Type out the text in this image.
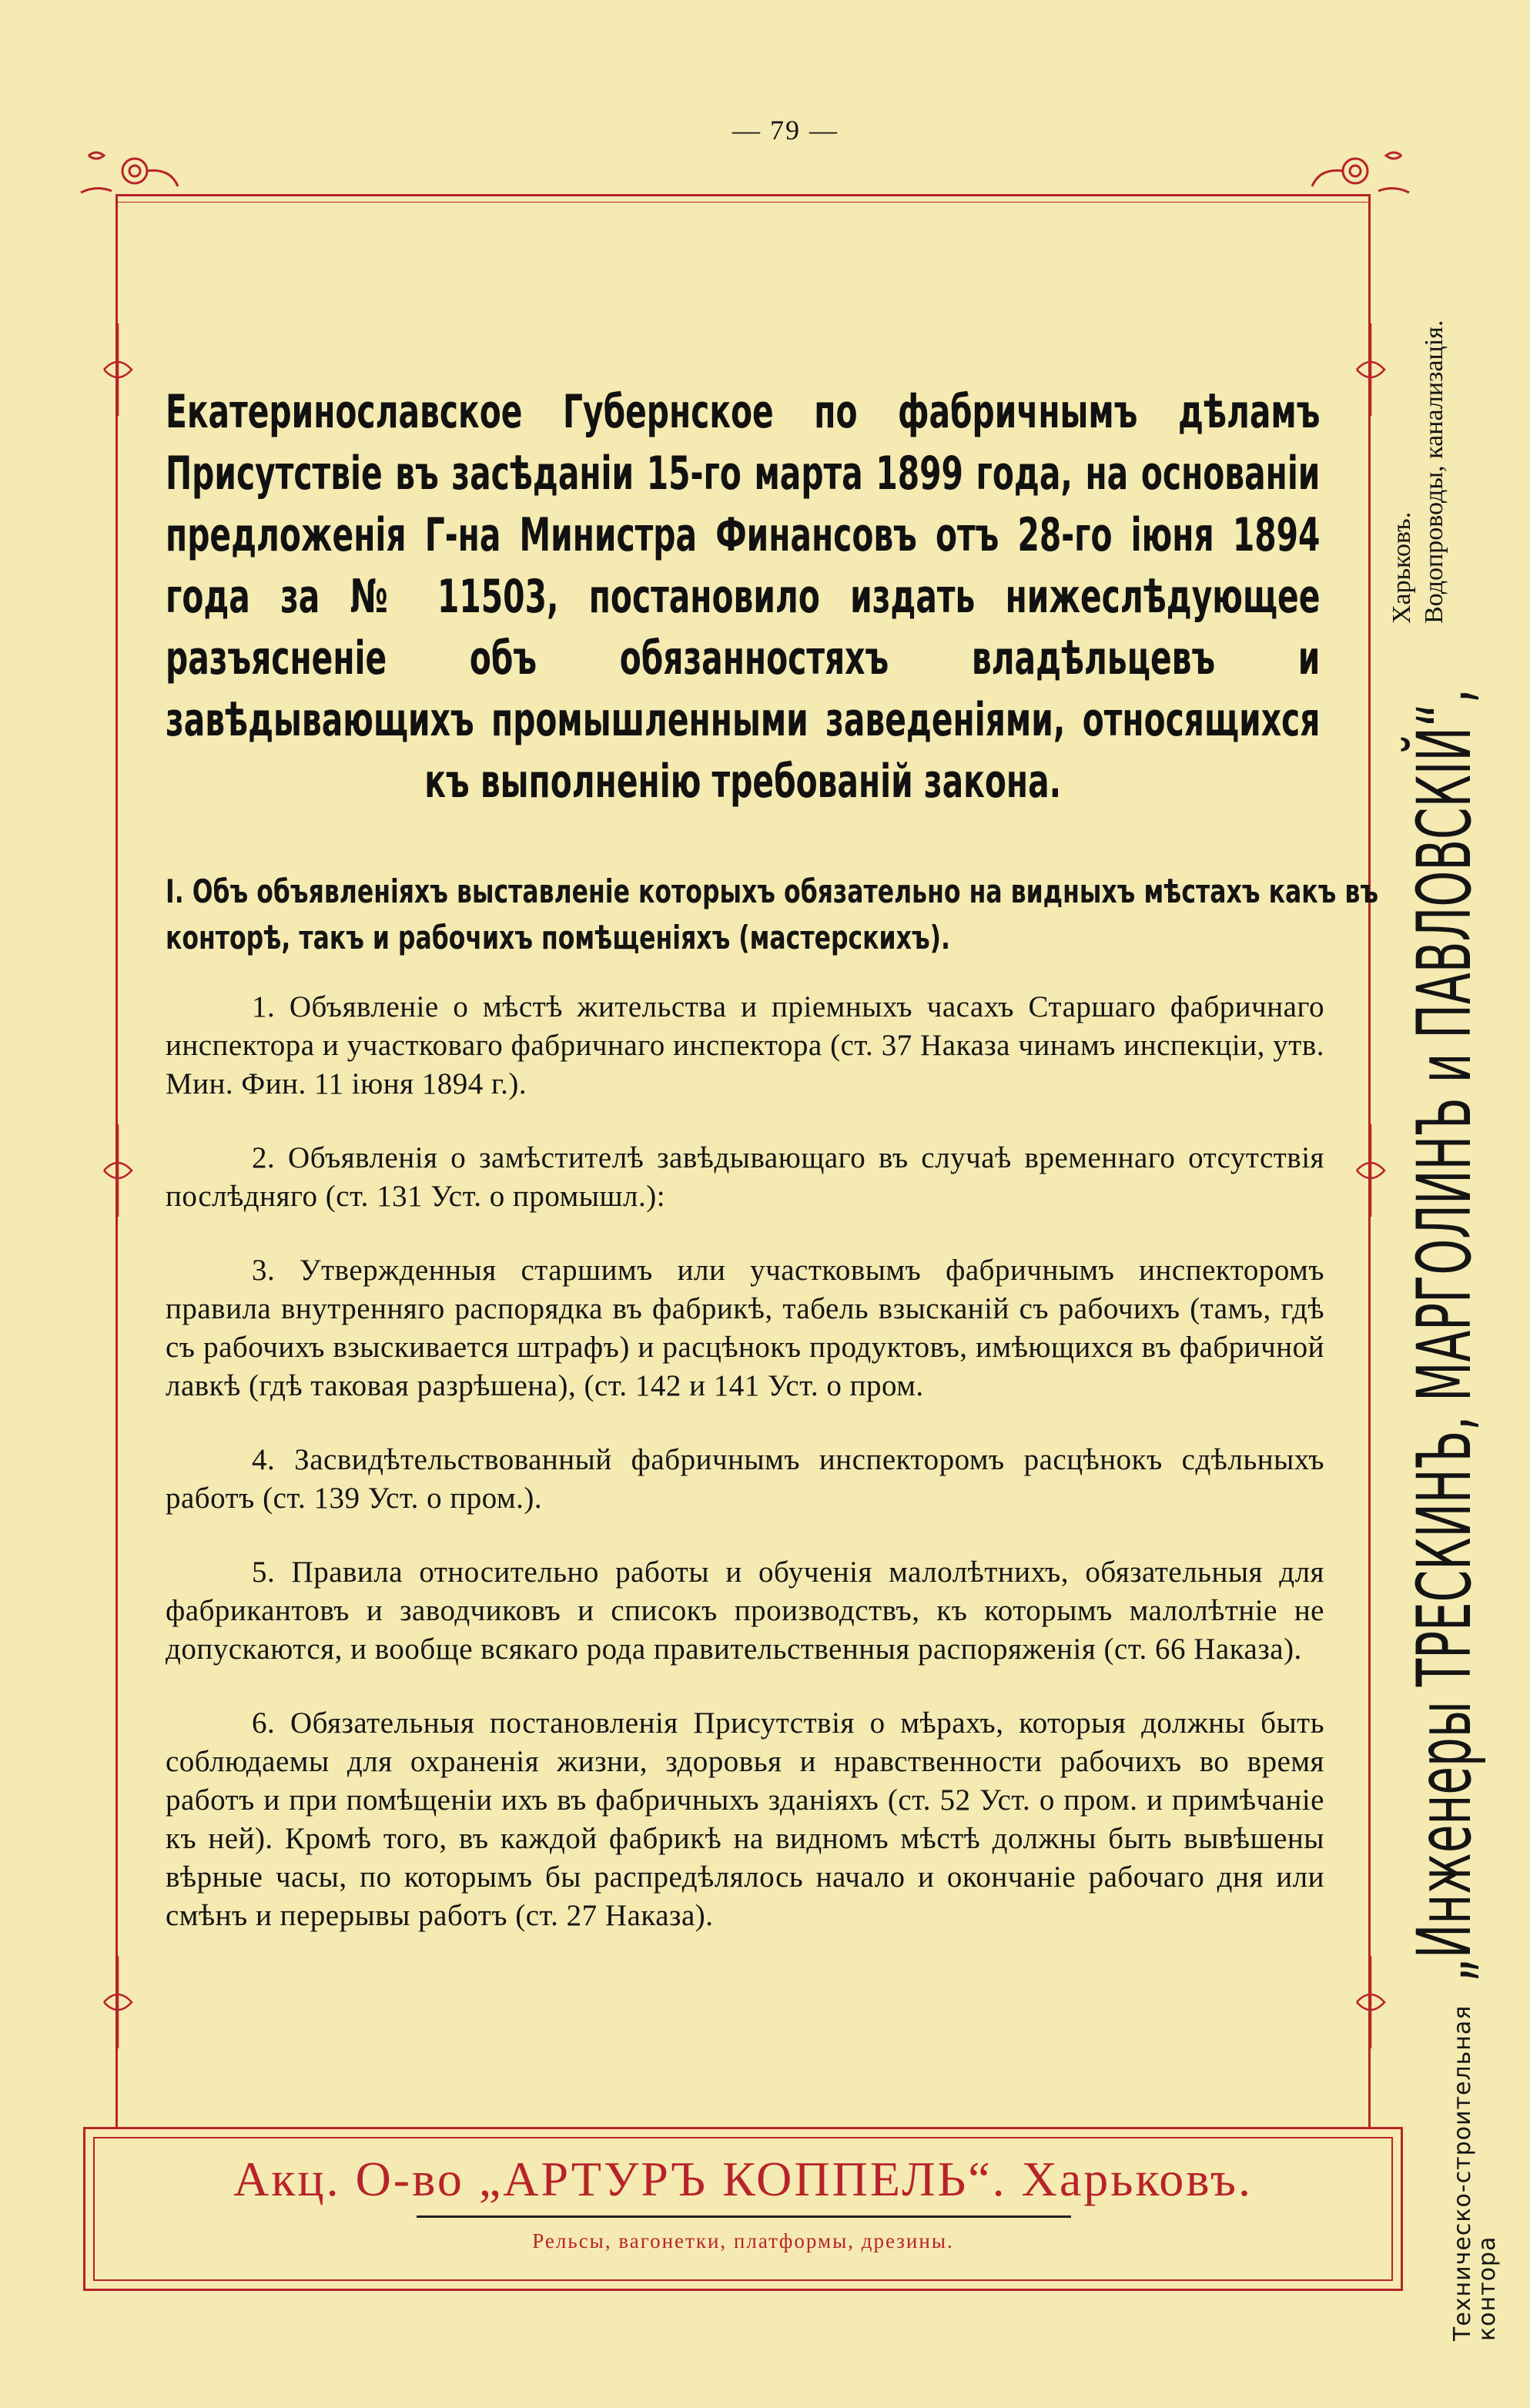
— 79 —
Екатеринославское Губернское по фабричнымъ дѣламъ Присутствіе въ засѣданіи 15-го марта 1899 года, на основаніи предложенія Г-на Министра Финансовъ отъ 28-го іюня 1894 года за № 11503, постановило издать нижеслѣдующее разъясненіе объ обязанностяхъ владѣльцевъ и завѣдывающихъ промышленными заведеніями, относящихся къ выполненію требованій закона.
I. Объ объявленіяхъ выставленіе которыхъ обязательно на видныхъ мѣстахъ какъ въ конторѣ, такъ и рабочихъ помѣщеніяхъ (мастерскихъ).

1. Объявленіе о мѣстѣ жительства и пріемныхъ часахъ Старшаго фабричнаго инспектора и участковаго фабричнаго инспектора (ст. 37 Наказа чинамъ инспекціи, утв. Мин. Фин. 11 іюня 1894 г.).

2. Объявленія о замѣстителѣ завѣдывающаго въ случаѣ временнаго отсутствія послѣдняго (ст. 131 Уст. о промышл.):

3. Утвержденныя старшимъ или участковымъ фабричнымъ инспекторомъ правила внутренняго распорядка въ фабрикѣ, табель взысканій съ рабочихъ (тамъ, гдѣ съ рабочихъ взыскивается штрафъ) и расцѣнокъ продуктовъ, имѣющихся въ фабричной лавкѣ (гдѣ таковая разрѣшена), (ст. 142 и 141 Уст. о пром.

4. Засвидѣтельствованный фабричнымъ инспекторомъ расцѣнокъ сдѣльныхъ работъ (ст. 139 Уст. о пром.).

5. Правила относительно работы и обученія малолѣтнихъ, обязательныя для фабрикантовъ и заводчиковъ и списокъ производствъ, къ которымъ малолѣтніе не допускаются, и вообще всякаго рода правительственныя распоряженія (ст. 66 Наказа).

6. Обязательныя постановленія Присутствія о мѣрахъ, которыя должны быть соблюдаемы для охраненія жизни, здоровья и нравственности рабочихъ во время работъ и при помѣщеніи ихъ въ фабричныхъ зданіяхъ (ст. 52 Уст. о пром. и примѣчаніе къ ней). Кромѣ того, въ каждой фабрикѣ на видномъ мѣстѣ должны быть вывѣшены вѣрные часы, по которымъ бы распредѣлялось начало и окончаніе рабочаго дня или смѣнъ и перерывы работъ (ст. 27 Наказа).

Техническо-строительная
контора
„Инженеры ТРЕСКИНЪ, МАРГОЛИНЪ и ПАВЛОВСКІЙ“,
Харьковъ. Водопроводы, канализація.
Акц. О-во „АРТУРЪ КОППЕЛЬ“. Харьковъ.
Рельсы, вагонетки, платформы, дрезины.
